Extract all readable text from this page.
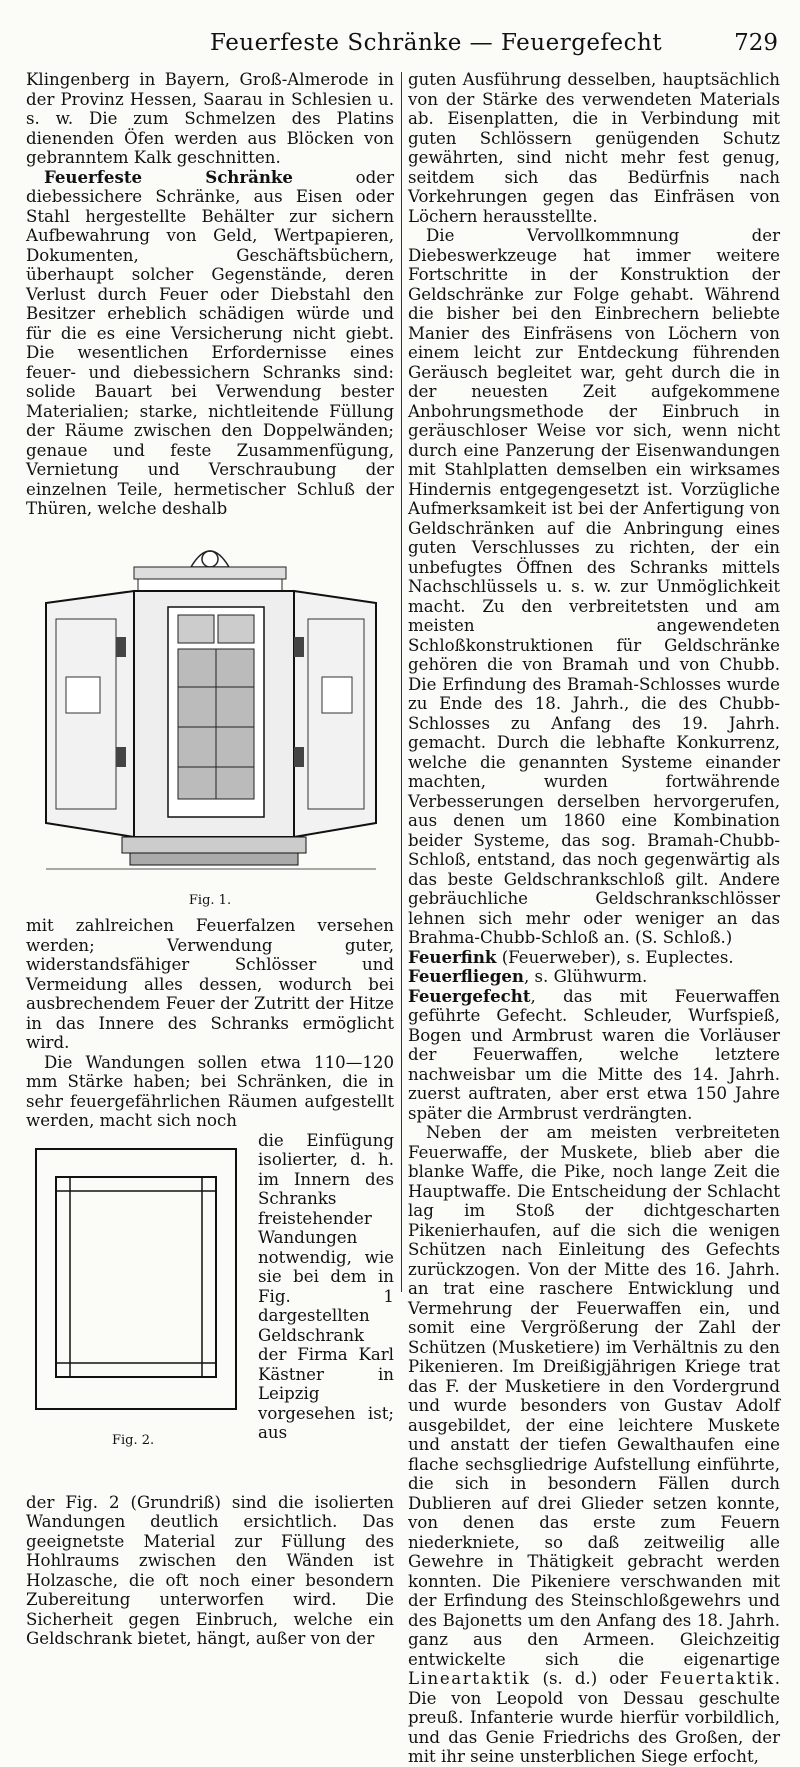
Feuerfeste Schränke — Feuergefecht	729

Klingenberg in Bayern, Groß-Almerode in der Provinz Hessen, Saarau in Schlesien u. s. w. Die zum Schmelzen des Platins dienenden Öfen werden aus Blöcken von gebranntem Kalk geschnitten.

Feuerfeste Schränke oder diebessichere Schränke, aus Eisen oder Stahl hergestellte Behälter zur sichern Aufbewahrung von Geld, Wertpapieren, Dokumenten, Geschäftsbüchern, überhaupt solcher Gegenstände, deren Verlust durch Feuer oder Diebstahl den Besitzer erheblich schädigen würde und für die es eine Versicherung nicht giebt. Die wesentlichen Erfordernisse eines feuer- und diebessichern Schranks sind: solide Bauart bei Verwendung bester Materialien; starke, nichtleitende Füllung der Räume zwischen den Doppelwänden; genaue und feste Zusammenfügung, Vernietung und Verschraubung der einzelnen Teile, hermetischer Schluß der Thüren, welche deshalb

Fig. 1.

mit zahlreichen Feuerfalzen versehen werden; Verwendung guter, widerstandsfähiger Schlösser und Vermeidung alles dessen, wodurch bei ausbrechendem Feuer der Zutritt der Hitze in das Innere des Schranks ermöglicht wird.

Die Wandungen sollen etwa 110—120 mm Stärke haben; bei Schränken, die in sehr feuergefährlichen Räumen aufgestellt werden, macht sich noch

Fig. 2.
die Einfügung isolierter, d. h. im Innern des Schranks freistehender Wandungen notwendig, wie sie bei dem in Fig. 1 dargestellten Geldschrank der Firma Karl Kästner in Leipzig vorgesehen ist; aus

der Fig. 2 (Grundriß) sind die isolierten Wandungen deutlich ersichtlich. Das geeignetste Material zur Füllung des Hohlraums zwischen den Wänden ist Holzasche, die oft noch einer besondern Zubereitung unterworfen wird. Die Sicherheit gegen Einbruch, welche ein Geldschrank bietet, hängt, außer von der

guten Ausführung desselben, hauptsächlich von der Stärke des verwendeten Materials ab. Eisenplatten, die in Verbindung mit guten Schlössern genügenden Schutz gewährten, sind nicht mehr fest genug, seitdem sich das Bedürfnis nach Vorkehrungen gegen das Einfräsen von Löchern herausstellte.

Die Vervollkommnung der Diebeswerkzeuge hat immer weitere Fortschritte in der Konstruktion der Geldschränke zur Folge gehabt. Während die bisher bei den Einbrechern beliebte Manier des Einfräsens von Löchern von einem leicht zur Entdeckung führenden Geräusch begleitet war, geht durch die in der neuesten Zeit aufgekommene Anbohrungsmethode der Einbruch in geräuschloser Weise vor sich, wenn nicht durch eine Panzerung der Eisenwandungen mit Stahlplatten demselben ein wirksames Hindernis entgegengesetzt ist. Vorzügliche Aufmerksamkeit ist bei der Anfertigung von Geldschränken auf die Anbringung eines guten Verschlusses zu richten, der ein unbefugtes Öffnen des Schranks mittels Nachschlüssels u. s. w. zur Unmöglichkeit macht. Zu den verbreitetsten und am meisten angewendeten Schloßkonstruktionen für Geldschränke gehören die von Bramah und von Chubb. Die Erfindung des Bramah-Schlosses wurde zu Ende des 18. Jahrh., die des Chubb-Schlosses zu Anfang des 19. Jahrh. gemacht. Durch die lebhafte Konkurrenz, welche die genannten Systeme einander machten, wurden fortwährende Verbesserungen derselben hervorgerufen, aus denen um 1860 eine Kombination beider Systeme, das sog. Bramah-Chubb-Schloß, entstand, das noch gegenwärtig als das beste Geldschrankschloß gilt. Andere gebräuchliche Geldschrankschlösser lehnen sich mehr oder weniger an das Brahma-Chubb-Schloß an. (S. Schloß.)

Feuerfink (Feuerweber), s. Euplectes.

Feuerfliegen, s. Glühwurm.

Feuergefecht, das mit Feuerwaffen geführte Gefecht. Schleuder, Wurfspieß, Bogen und Armbrust waren die Vorläuser der Feuerwaffen, welche letztere nachweisbar um die Mitte des 14. Jahrh. zuerst auftraten, aber erst etwa 150 Jahre später die Armbrust verdrängten.

Neben der am meisten verbreiteten Feuerwaffe, der Muskete, blieb aber die blanke Waffe, die Pike, noch lange Zeit die Hauptwaffe. Die Entscheidung der Schlacht lag im Stoß der dichtgescharten Pikenierhaufen, auf die sich die wenigen Schützen nach Einleitung des Gefechts zurückzogen. Von der Mitte des 16. Jahrh. an trat eine raschere Entwicklung und Vermehrung der Feuerwaffen ein, und somit eine Vergrößerung der Zahl der Schützen (Musketiere) im Verhältnis zu den Pikenieren. Im Dreißigjährigen Kriege trat das F. der Musketiere in den Vordergrund und wurde besonders von Gustav Adolf ausgebildet, der eine leichtere Muskete und anstatt der tiefen Gewalthaufen eine flache sechsgliedrige Aufstellung einführte, die sich in besondern Fällen durch Dublieren auf drei Glieder setzen konnte, von denen das erste zum Feuern niederkniete, so daß zeitweilig alle Gewehre in Thätigkeit gebracht werden konnten. Die Pikeniere verschwanden mit der Erfindung des Steinschloßgewehrs und des Bajonetts um den Anfang des 18. Jahrh. ganz aus den Armeen. Gleichzeitig entwickelte sich die eigenartige Lineartaktik (s. d.) oder Feuertaktik. Die von Leopold von Dessau geschulte preuß. Infanterie wurde hierfür vorbildlich, und das Genie Friedrichs des Großen, der mit ihr seine unsterblichen Siege erfocht,
